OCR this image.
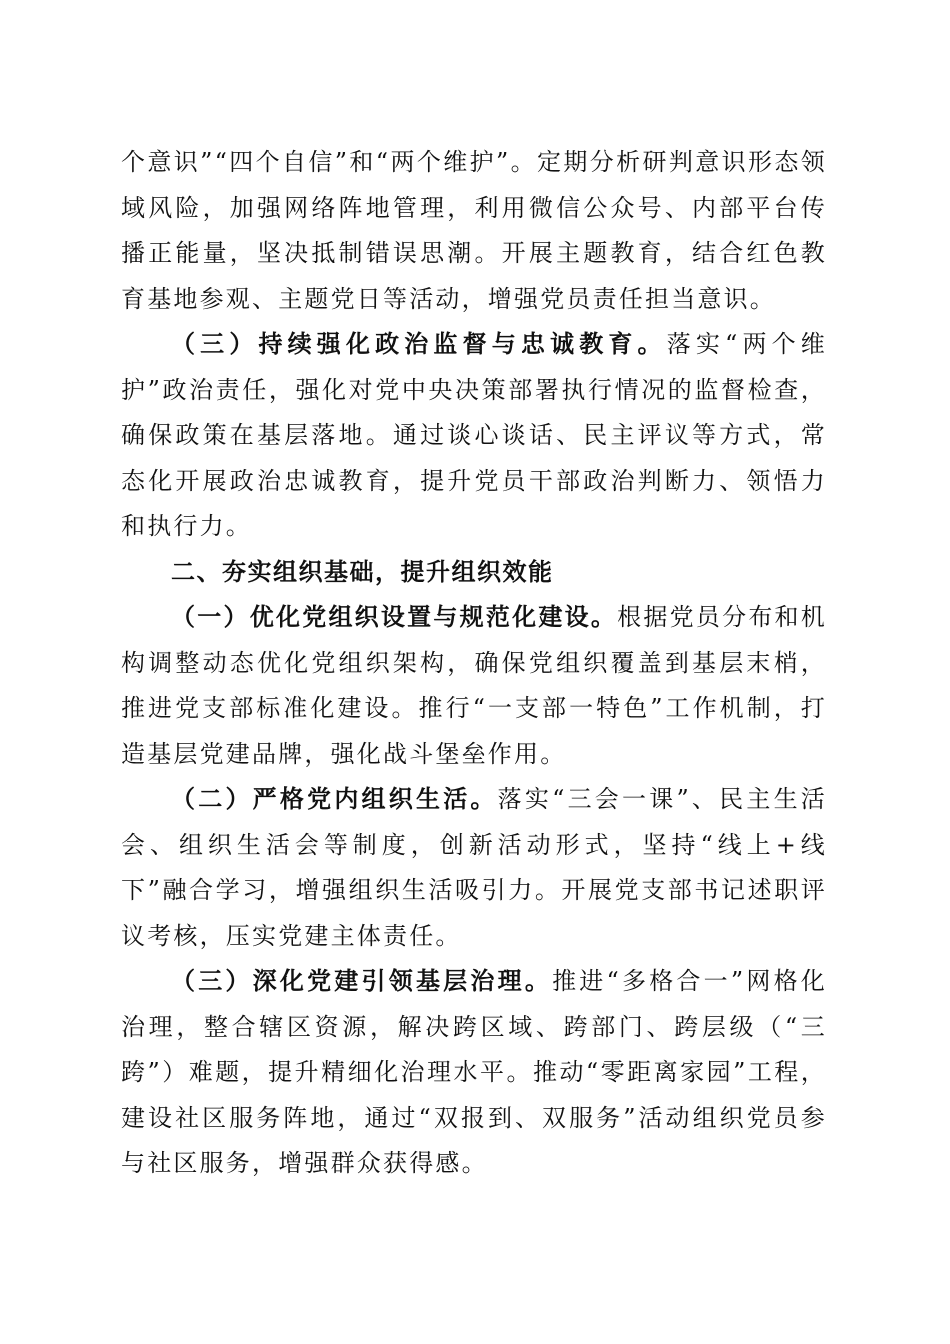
个意识”“四个自信”和“两个维护”。定期分析研判意识形态领域风险，加强网络阵地管理，利用微信公众号、内部平台传播正能量，坚决抵制错误思潮。开展主题教育，结合红色教育基地参观、主题党日等活动，增强党员责任担当意识。

（三）持续强化政治监督与忠诚教育。落实“两个维护”政治责任，强化对党中央决策部署执行情况的监督检查，确保政策在基层落地。通过谈心谈话、民主评议等方式，常态化开展政治忠诚教育，提升党员干部政治判断力、领悟力和执行力。

二、夯实组织基础，提升组织效能

（一）优化党组织设置与规范化建设。根据党员分布和机构调整动态优化党组织架构，确保党组织覆盖到基层末梢，推进党支部标准化建设。推行“一支部一特色”工作机制，打造基层党建品牌，强化战斗堡垒作用。

（二）严格党内组织生活。落实“三会一课”、民主生活会、组织生活会等制度，创新活动形式，坚持“线上+线下”融合学习，增强组织生活吸引力。开展党支部书记述职评议考核，压实党建主体责任。

（三）深化党建引领基层治理。推进“多格合一”网格化治理，整合辖区资源，解决跨区域、跨部门、跨层级（“三跨”）难题，提升精细化治理水平。推动“零距离家园”工程，建设社区服务阵地，通过“双报到、双服务”活动组织党员参与社区服务，增强群众获得感。
